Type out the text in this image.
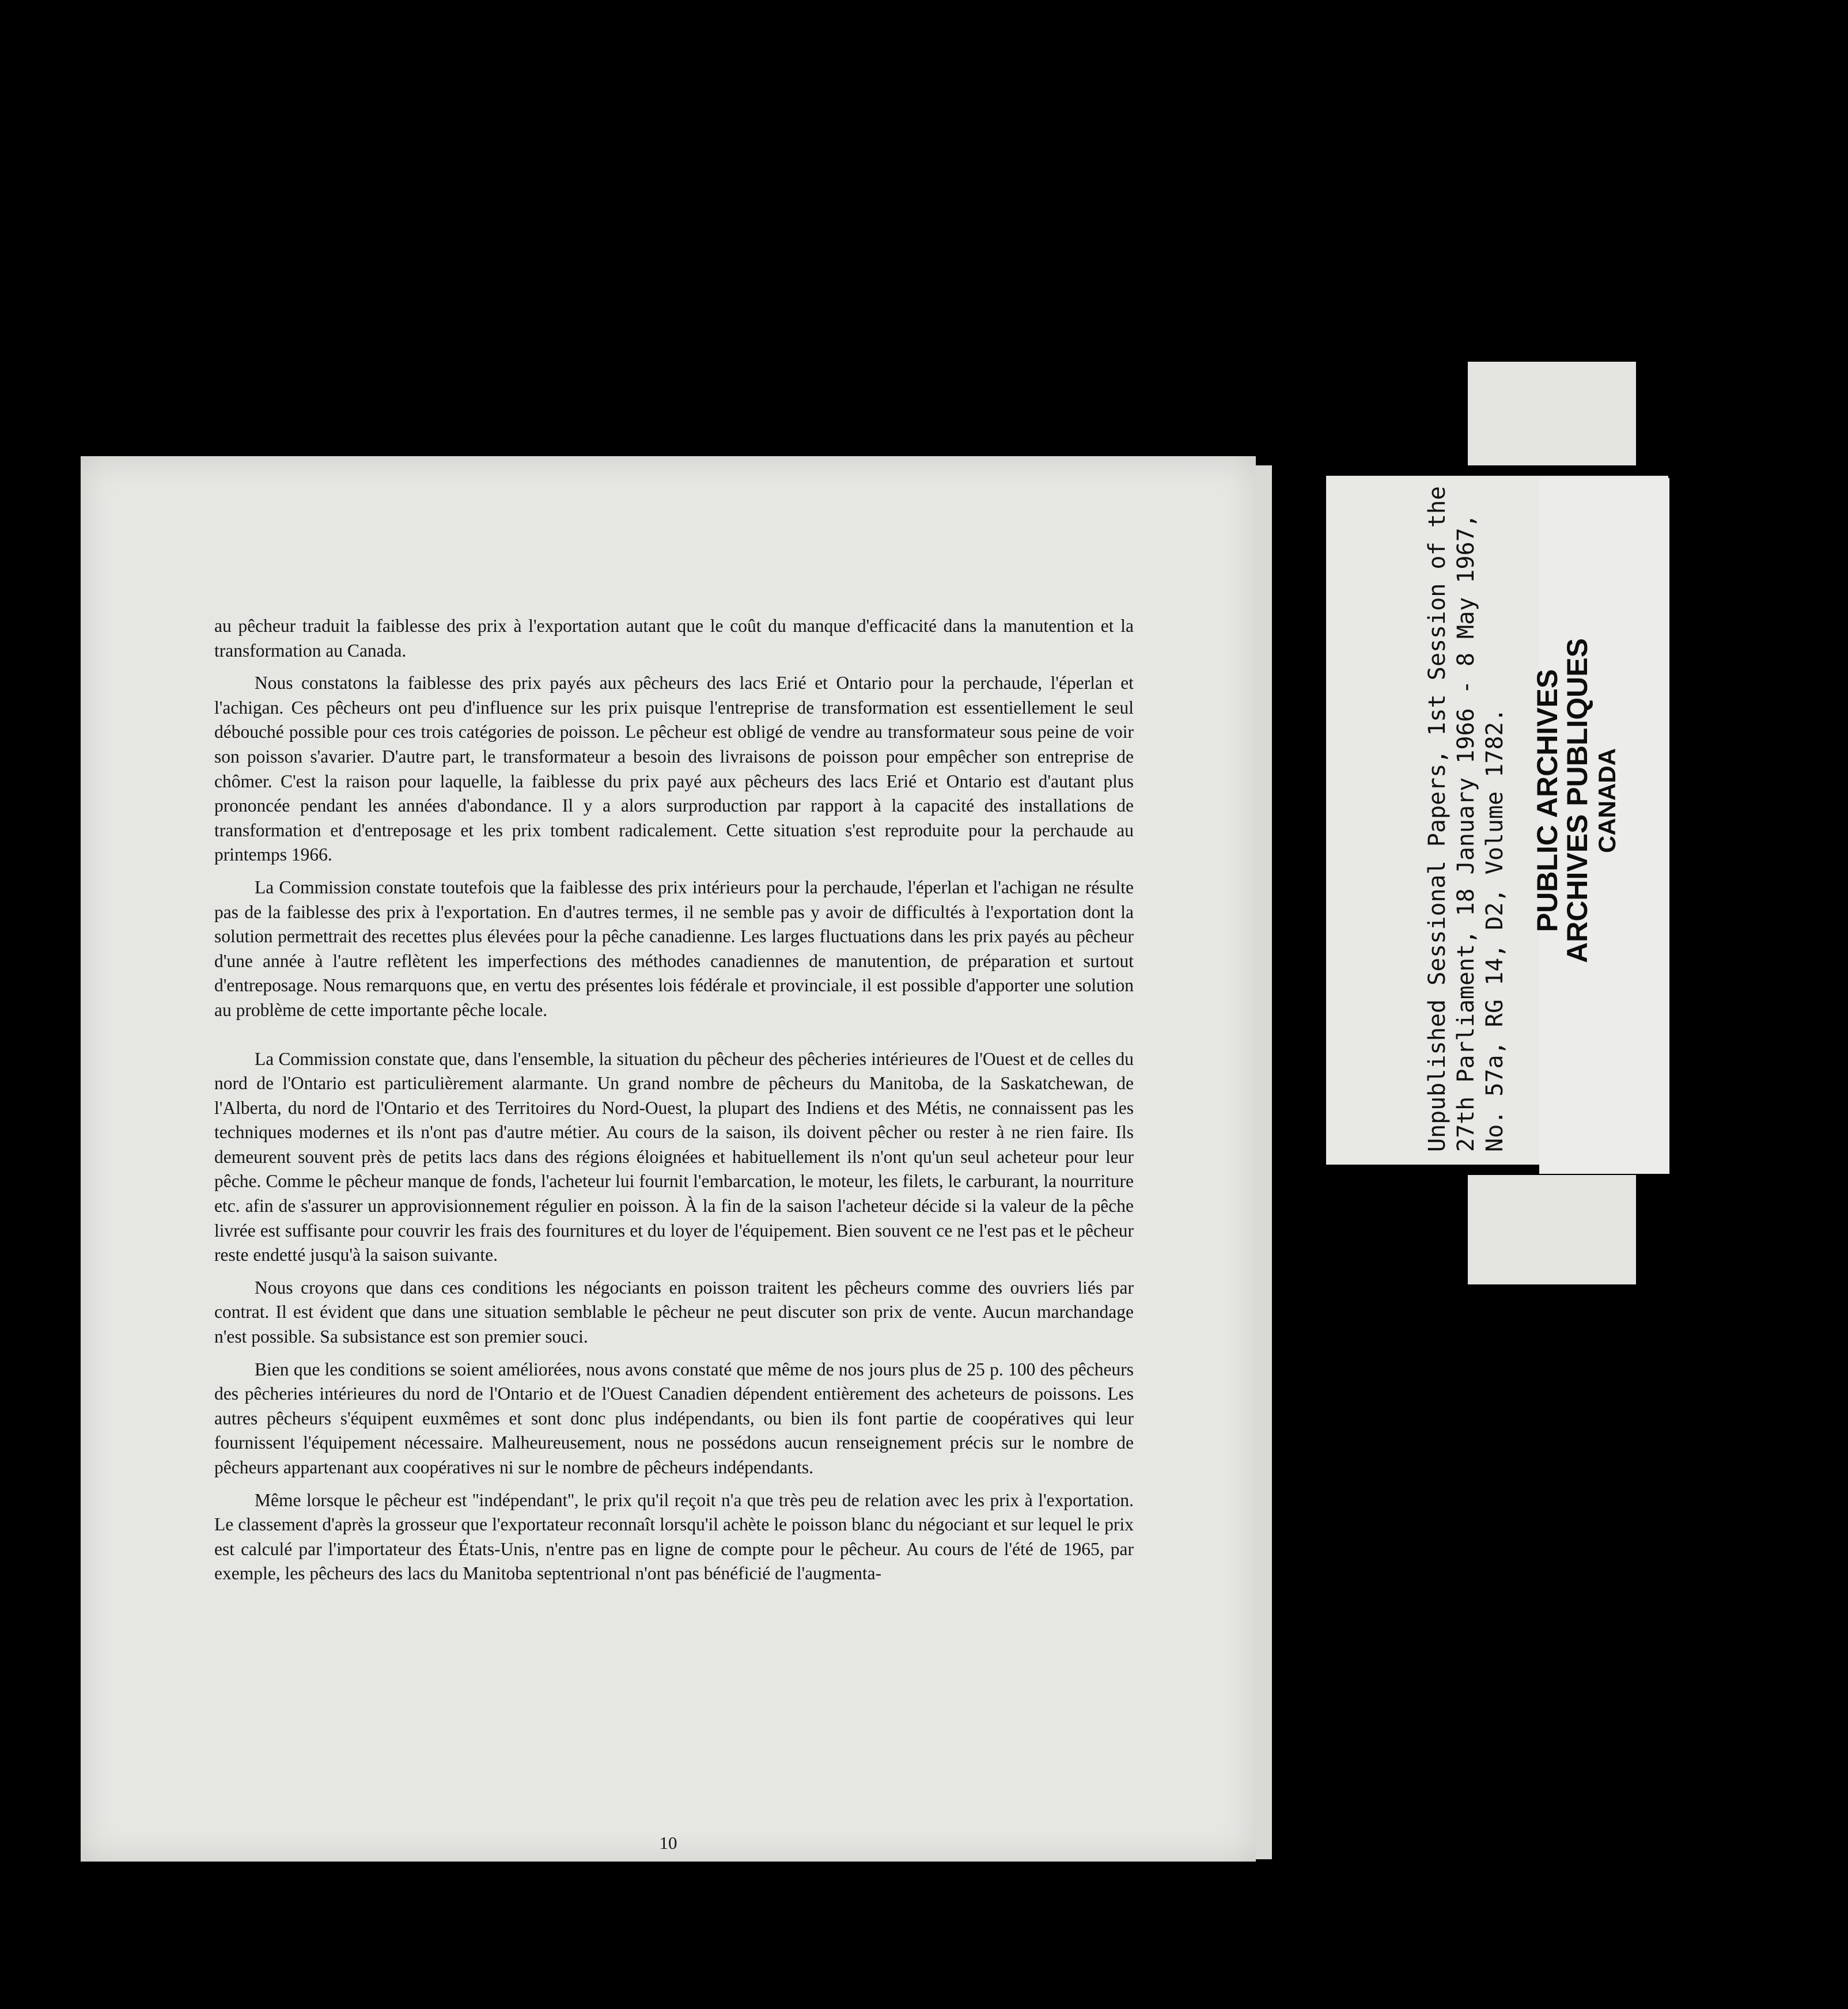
au pêcheur traduit la faiblesse des prix à l'exportation autant que le coût du manque d'efficacité dans la manutention et la transformation au Canada.

Nous constatons la faiblesse des prix payés aux pêcheurs des lacs Erié et Ontario pour la perchaude, l'éperlan et l'achigan. Ces pêcheurs ont peu d'influence sur les prix puisque l'entreprise de transformation est essentiellement le seul débouché possible pour ces trois catégories de poisson. Le pêcheur est obligé de vendre au transformateur sous peine de voir son poisson s'avarier. D'autre part, le transformateur a besoin des livraisons de poisson pour empêcher son entreprise de chômer. C'est la raison pour laquelle, la faiblesse du prix payé aux pêcheurs des lacs Erié et Ontario est d'autant plus prononcée pendant les années d'abondance. Il y a alors surproduction par rapport à la capacité des installations de transformation et d'entreposage et les prix tombent radicalement. Cette situation s'est reproduite pour la perchaude au printemps 1966.

La Commission constate toutefois que la faiblesse des prix intérieurs pour la perchaude, l'éperlan et l'achigan ne résulte pas de la faiblesse des prix à l'exportation. En d'autres termes, il ne semble pas y avoir de difficultés à l'exportation dont la solution permettrait des recettes plus élevées pour la pêche canadienne. Les larges fluctuations dans les prix payés au pêcheur d'une année à l'autre reflètent les imperfections des méthodes canadiennes de manutention, de préparation et surtout d'entreposage. Nous remarquons que, en vertu des présentes lois fédérale et provinciale, il est possible d'apporter une solution au problème de cette importante pêche locale.

La Commission constate que, dans l'ensemble, la situation du pêcheur des pêcheries intérieures de l'Ouest et de celles du nord de l'Ontario est particulièrement alarmante. Un grand nombre de pêcheurs du Manitoba, de la Saskatchewan, de l'Alberta, du nord de l'Ontario et des Territoires du Nord-Ouest, la plupart des Indiens et des Métis, ne connaissent pas les techniques modernes et ils n'ont pas d'autre métier. Au cours de la saison, ils doivent pêcher ou rester à ne rien faire. Ils demeurent souvent près de petits lacs dans des régions éloignées et habituellement ils n'ont qu'un seul acheteur pour leur pêche. Comme le pêcheur manque de fonds, l'acheteur lui fournit l'embarcation, le moteur, les filets, le carburant, la nourriture etc. afin de s'assurer un approvisionnement régulier en poisson. À la fin de la saison l'acheteur décide si la valeur de la pêche livrée est suffisante pour couvrir les frais des fournitures et du loyer de l'équipement. Bien souvent ce ne l'est pas et le pêcheur reste endetté jusqu'à la saison suivante.

Nous croyons que dans ces conditions les négociants en poisson traitent les pêcheurs comme des ouvriers liés par contrat. Il est évident que dans une situation semblable le pêcheur ne peut discuter son prix de vente. Aucun marchandage n'est possible. Sa subsistance est son premier souci.

Bien que les conditions se soient améliorées, nous avons constaté que même de nos jours plus de 25 p. 100 des pêcheurs des pêcheries intérieures du nord de l'Ontario et de l'Ouest Canadien dépendent entièrement des acheteurs de poissons. Les autres pêcheurs s'équipent euxmêmes et sont donc plus indépendants, ou bien ils font partie de coopératives qui leur fournissent l'équipement nécessaire. Malheureusement, nous ne possédons aucun renseignement précis sur le nombre de pêcheurs appartenant aux coopératives ni sur le nombre de pêcheurs indépendants.

Même lorsque le pêcheur est ''indépendant'', le prix qu'il reçoit n'a que très peu de relation avec les prix à l'exportation. Le classement d'après la grosseur que l'exportateur reconnaît lorsqu'il achète le poisson blanc du négociant et sur lequel le prix est calculé par l'importateur des États-Unis, n'entre pas en ligne de compte pour le pêcheur. Au cours de l'été de 1965, par exemple, les pêcheurs des lacs du Manitoba septentrional n'ont pas bénéficié de l'augmenta-

10
Unpublished Sessional Papers, 1st Session of the 27th Parliament, 18 January 1966 - 8 May 1967, No. 57a, RG 14, D2, Volume 1782. PUBLIC ARCHIVES
ARCHIVES PUBLIQUES CANADA
